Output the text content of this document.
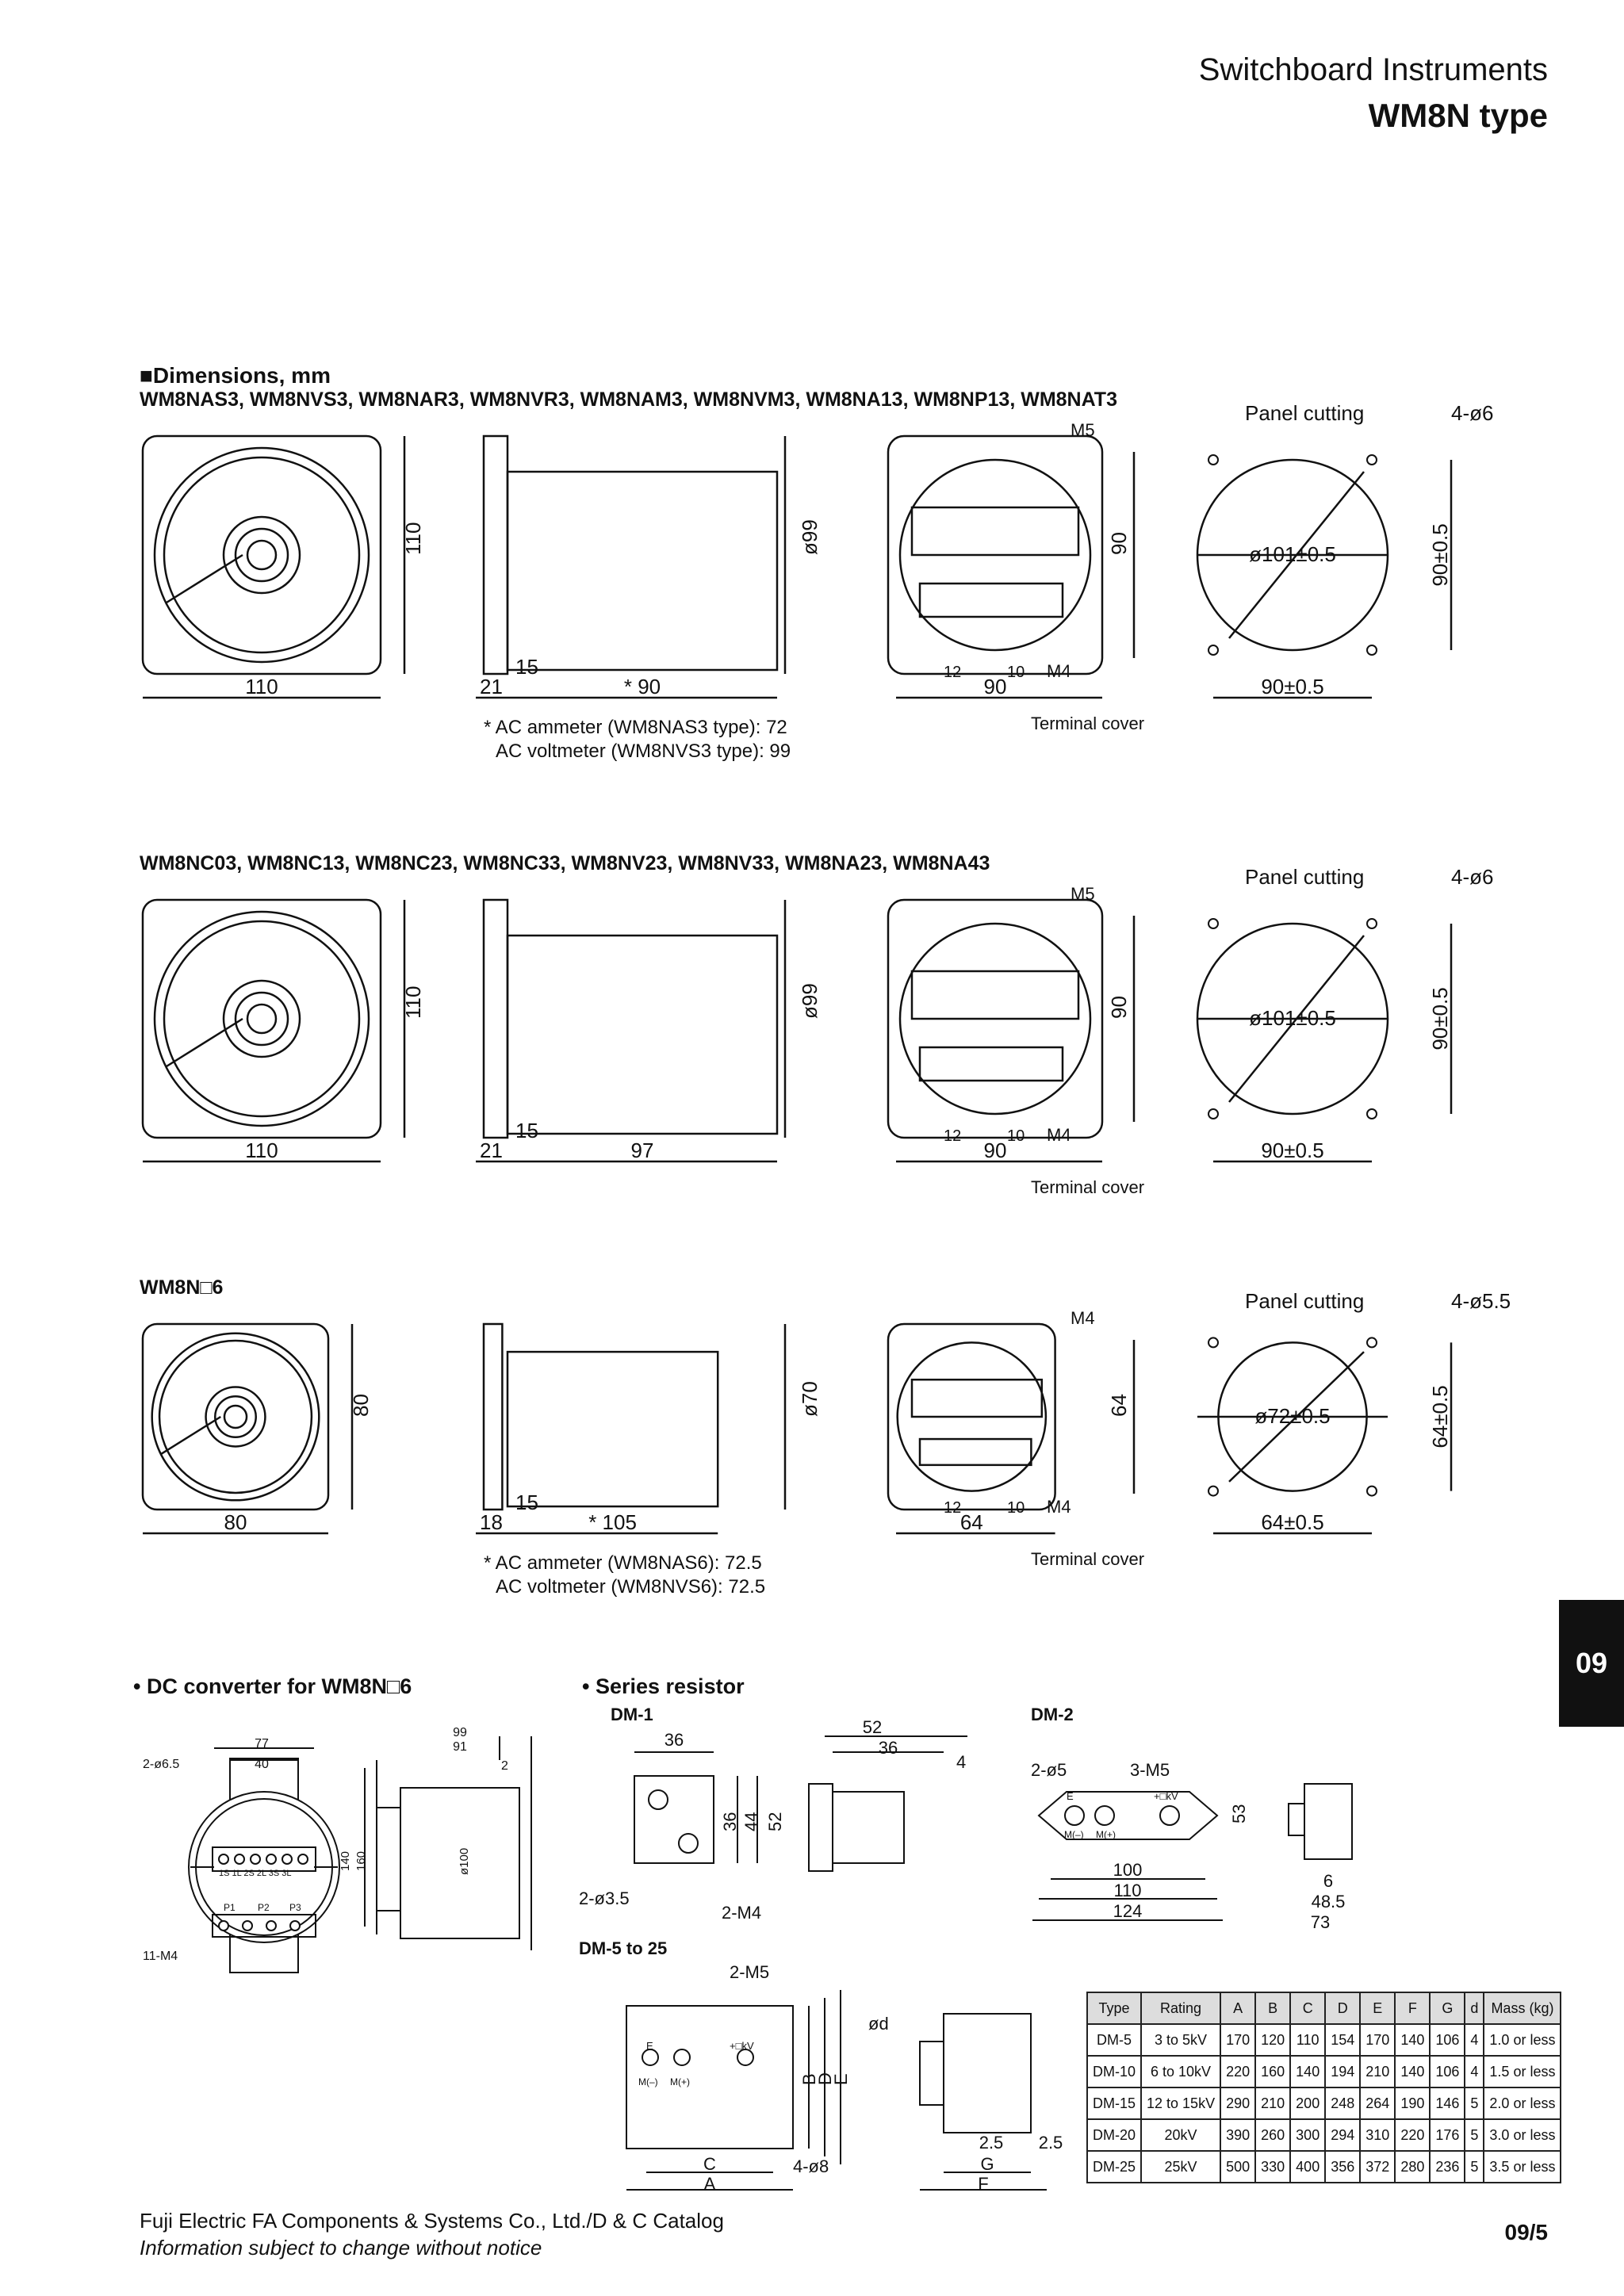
Switchboard Instruments
WM8N type
■Dimensions, mm
WM8NAS3, WM8NVS3, WM8NAR3, WM8NVR3, WM8NAM3, WM8NVM3, WM8NA13, WM8NP13, WM8NAT3
110
110
21
15
* 90
ø99
90
90
12	10 M4
M5
Terminal cover
Panel cutting	4-ø6
ø101±0.5
90±0.5
90±0.5
* AC ammeter (WM8NAS3 type): 72
AC voltmeter (WM8NVS3 type): 99
WM8NC03, WM8NC13, WM8NC23, WM8NC33, WM8NV23, WM8NV33, WM8NA23, WM8NA43
110
110
21
15
97
ø99
90
90
12	10 M4
M5
Terminal cover
Panel cutting	4-ø6
ø101±0.5
90±0.5
90±0.5
WM8N□6
80
80
18
15
* 105
ø70
64
64
12	10 M4
M4
Terminal cover
Panel cutting	4-ø5.5
ø72±0.5
64±0.5
64±0.5
* AC ammeter (WM8NAS6): 72.5
AC voltmeter (WM8NVS6): 72.5
• DC converter for WM8N□6	• Series resistor
77
40
2-ø6.5
11-M4
99
91
2
140 160	ø100
1S 1L 2S 2L 3S 3L
P1 P2 P3
36
36 44 52
52
36
4
2-ø3.5
2-M4
DM-1	DM-2
2-ø5	3-M5
E	+□kV
M(–) M(+)
53
100
110
124
6
48.5
73
DM-5 to 25
2-M5
E	+□kV
M(–) M(+)	B
D
E
C
A
4-ø8
ød
2.5 2.5
G
F
Type	Rating	A	B	C	D	E	F	G	d	Mass (kg)
DM-5	3 to 5kV	170	120	110	154	170	140	106	4	1.0 or less
DM-10	6 to 10kV	220	160	140	194	210	140	106	4	1.5 or less
DM-15	12 to 15kV	290	210	200	248	264	190	146	5	2.0 or less
DM-20	20kV	390	260	300	294	310	220	176	5	3.0 or less
DM-25	25kV	500	330	400	356	372	280	236	5	3.5 or less
09
Fuji Electric FA Components & Systems Co., Ltd./D & C Catalog
Information subject to change without notice
09/5
